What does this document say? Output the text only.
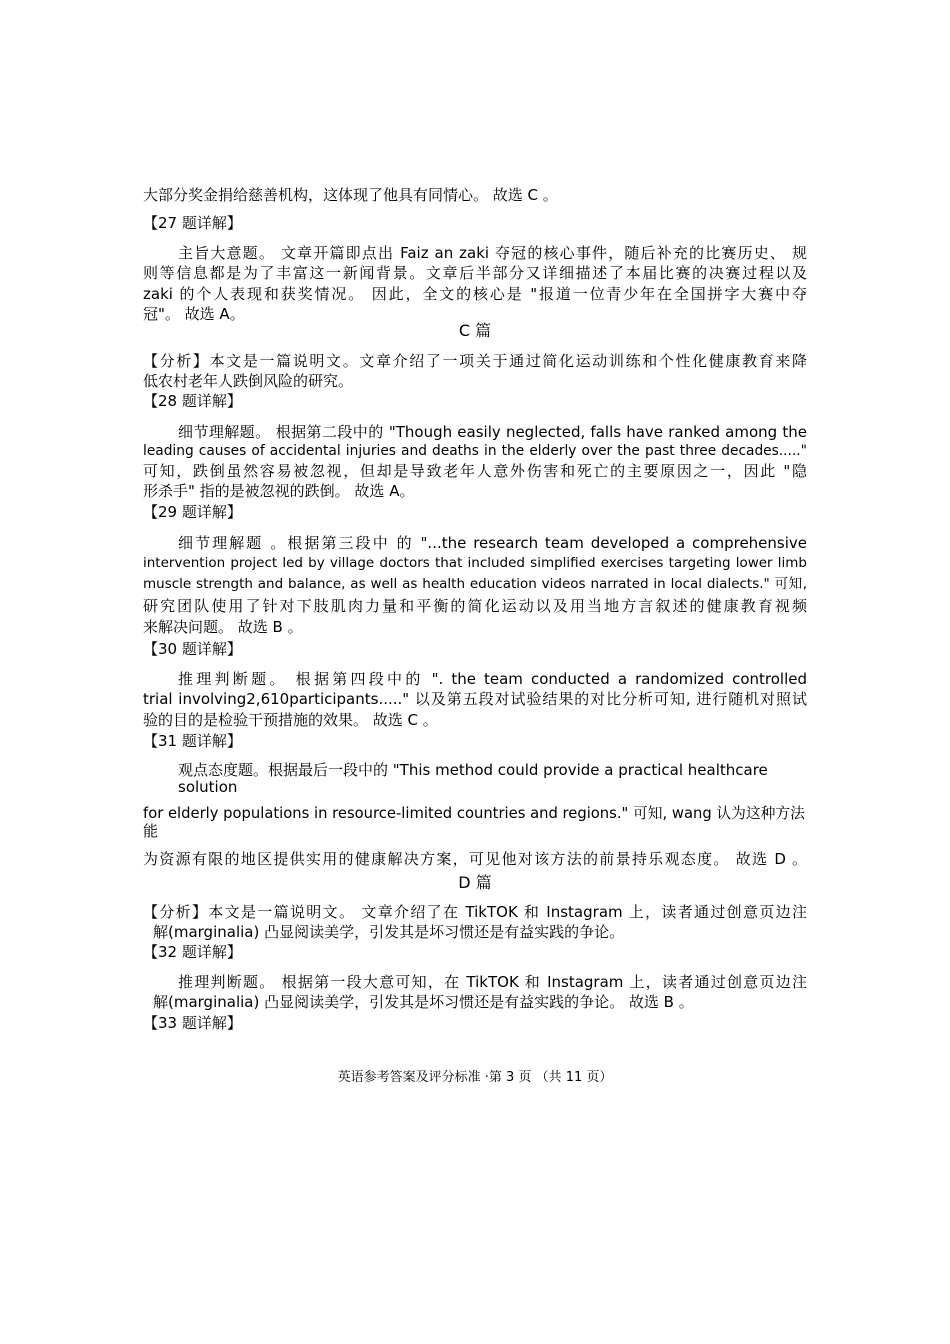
大部分奖金捐给慈善机构，这体现了他具有同情心。 故选 C 。
【27 题详解】
主旨大意题。 文章开篇即点出 Faiz an zaki 夺冠的核心事件，随后补充的比赛历史、 规
则等信息都是为了丰富这一新闻背景。文章后半部分又详细描述了本届比赛的决赛过程以及
zaki 的个人表现和获奖情况。 因此，全文的核心是 "报道一位青少年在全国拼字大赛中夺
冠"。 故选 A。
C 篇
【分析】本文是一篇说明文。文章介绍了一项关于通过简化运动训练和个性化健康教育来降
低农村老年人跌倒风险的研究。
【28 题详解】
细节理解题。 根据第二段中的 "Though easily neglected, falls have ranked among the
leading causes of accidental injuries and deaths in the elderly over the past three decades....."
可知，跌倒虽然容易被忽视，但却是导致老年人意外伤害和死亡的主要原因之一，因此 "隐
形杀手" 指的是被忽视的跌倒。 故选 A。
【29 题详解】
细节理解题 。根据第三段中 的 "...the research team developed a comprehensive
intervention project led by village doctors that included simplified exercises targeting lower limb
muscle strength and balance, as well as health education videos narrated in local dialects." 可知,
研究团队使用了针对下肢肌肉力量和平衡的简化运动以及用当地方言叙述的健康教育视频
来解决问题。 故选 B 。
【30 题详解】
推理判断题。 根据第四段中的 ". the team conducted a randomized controlled
trial involving2,610participants....." 以及第五段对试验结果的对比分析可知, 进行随机对照试
验的目的是检验干预措施的效果。 故选 C 。
【31 题详解】
观点态度题。根据最后一段中的 "This method could provide a practical healthcare
solution
for elderly populations in resource-limited countries and regions." 可知, wang 认为这种方法
能
为资源有限的地区提供实用的健康解决方案，可见他对该方法的前景持乐观态度。 故选 D 。
D 篇
【分析】本文是一篇说明文。 文章介绍了在 TikTOK 和 Instagram 上，读者通过创意页边注
解(marginalia) 凸显阅读美学，引发其是坏习惯还是有益实践的争论。
【32 题详解】
推理判断题。 根据第一段大意可知，在 TikTOK 和 Instagram 上，读者通过创意页边注
解(marginalia) 凸显阅读美学，引发其是坏习惯还是有益实践的争论。 故选 B 。
【33 题详解】
英语参考答案及评分标准 ·第 3 页 （共 11 页）
